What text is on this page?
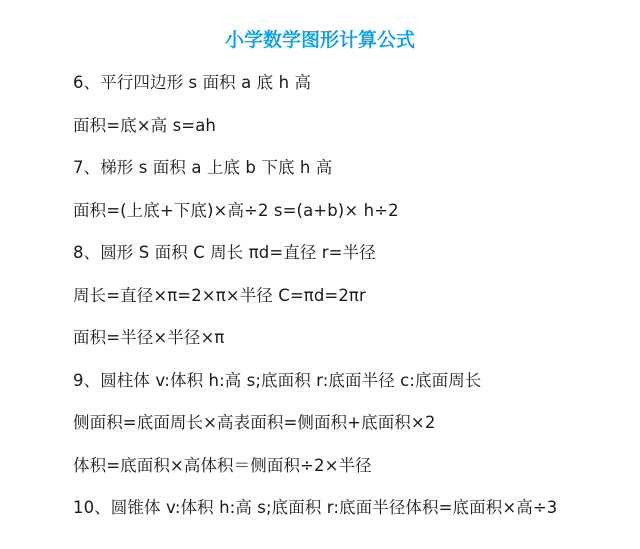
小学数学图形计算公式
6、平行四边形 s 面积 a 底 h 高
面积=底×高 s=ah
7、梯形 s 面积 a 上底 b 下底 h 高
面积=(上底+下底)×高÷2 s=(a+b)× h÷2
8、圆形 S 面积 C 周长 πd=直径 r=半径
周长=直径×π=2×π×半径 C=πd=2πr
面积=半径×半径×π
9、圆柱体 v:体积 h:高 s;底面积 r:底面半径 c:底面周长
侧面积=底面周长×高表面积=侧面积+底面积×2
体积=底面积×高体积＝侧面积÷2×半径
10、圆锥体 v:体积 h:高 s;底面积 r:底面半径体积=底面积×高÷3
